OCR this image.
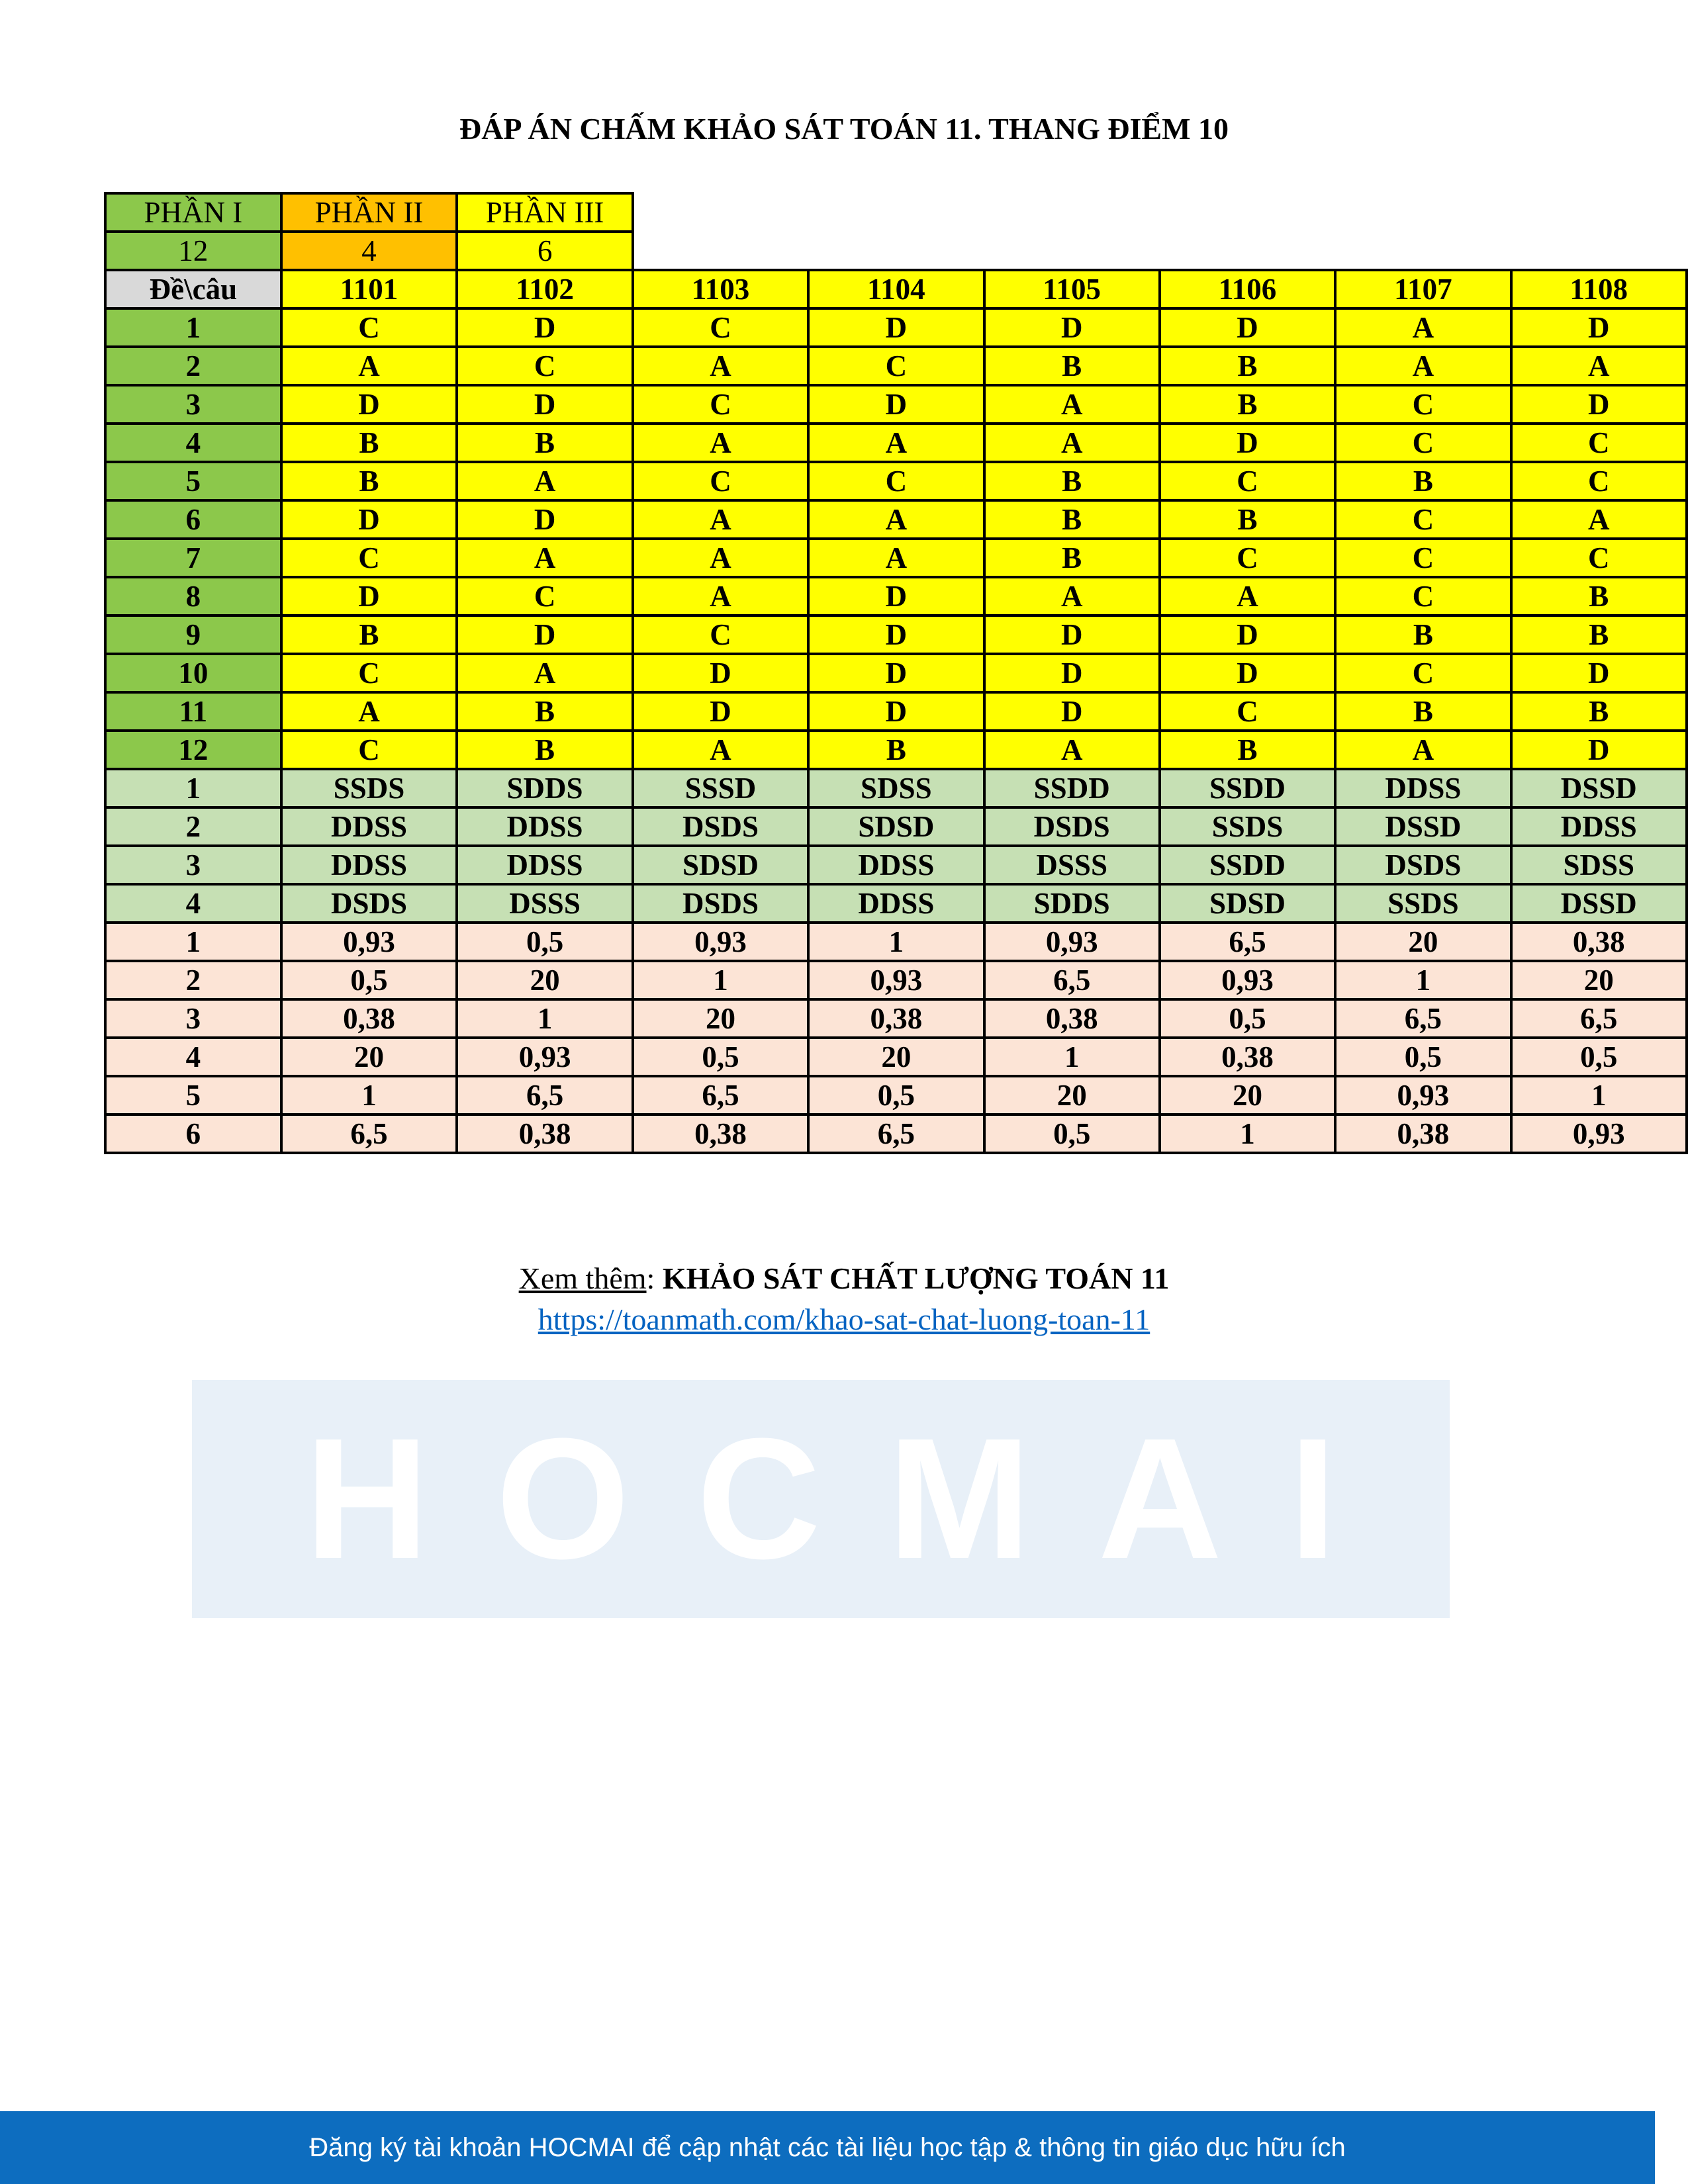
H O C M A I
ĐÁP ÁN CHẤM KHẢO SÁT TOÁN 11. THANG ĐIỂM 10
PHẦN I	PHẦN II	PHẦN III						
12	4	6						
Đề\câu	1101	1102	1103	1104	1105	1106	1107	1108
1	C	D	C	D	D	D	A	D
2	A	C	A	C	B	B	A	A
3	D	D	C	D	A	B	C	D
4	B	B	A	A	A	D	C	C
5	B	A	C	C	B	C	B	C
6	D	D	A	A	B	B	C	A
7	C	A	A	A	B	C	C	C
8	D	C	A	D	A	A	C	B
9	B	D	C	D	D	D	B	B
10	C	A	D	D	D	D	C	D
11	A	B	D	D	D	C	B	B
12	C	B	A	B	A	B	A	D
1	SSDS	SDDS	SSSD	SDSS	SSDD	SSDD	DDSS	DSSD
2	DDSS	DDSS	DSDS	SDSD	DSDS	SSDS	DSSD	DDSS
3	DDSS	DDSS	SDSD	DDSS	DSSS	SSDD	DSDS	SDSS
4	DSDS	DSSS	DSDS	DDSS	SDDS	SDSD	SSDS	DSSD
1	0,93	0,5	0,93	1	0,93	6,5	20	0,38
2	0,5	20	1	0,93	6,5	0,93	1	20
3	0,38	1	20	0,38	0,38	0,5	6,5	6,5
4	20	0,93	0,5	20	1	0,38	0,5	0,5
5	1	6,5	6,5	0,5	20	20	0,93	1
6	6,5	0,38	0,38	6,5	0,5	1	0,38	0,93
Xem thêm: KHẢO SÁT CHẤT LƯỢNG TOÁN 11
https://toanmath.com/khao-sat-chat-luong-toan-11
Đăng ký tài khoản HOCMAI để cập nhật các tài liệu học tập & thông tin giáo dục hữu ích
